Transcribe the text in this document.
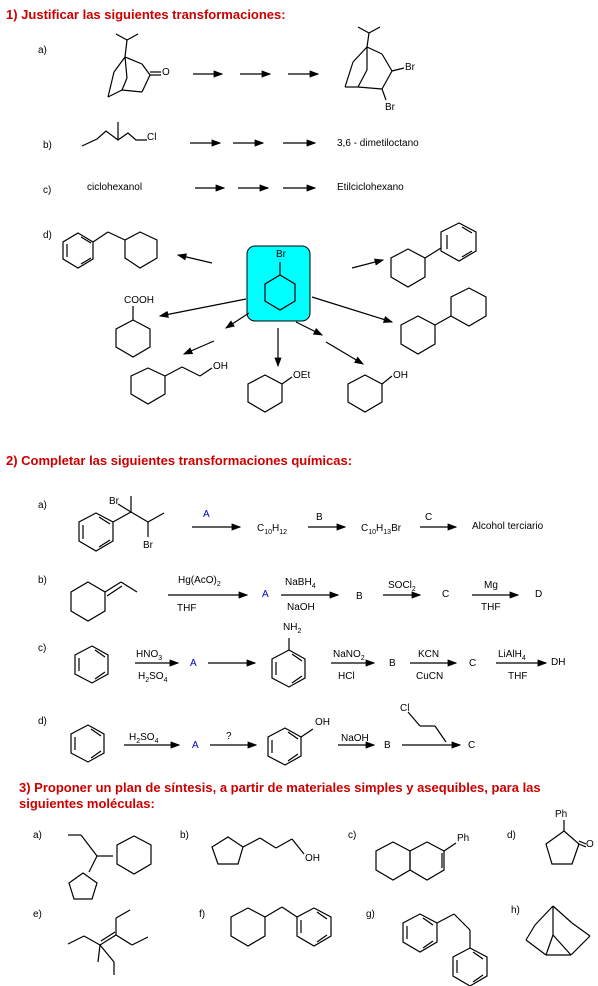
1) Justificar las siguientes transformaciones:
a)
O	Br
Br
b)
Cl
3,6 - dimetiloctano
c)	ciclohexanol	Etilciclohexano
d)
Br
COOH
OH
OEt	OH
2) Completar las siguientes transformaciones químicas:
a)	Br
Br
A
$C_{10}H_{12}$
B
$C_{10}H_{13}Br$
C
Alcohol terciario
b)	$Hg(AcO)_2$
THF
A
NaBH$_4$
NaOH
B
SOCl$_2$	C
Mg
THF
D
c)
$HNO_3$
$H_2SO_4$
A
$NH_2$
NaNO$_2$
HCl
B
KCN
CuCN
C
LiAlH$_4$
THF
DH
d)
$H_2SO_4$	A
?
OH
NaOH
B
Cl
C
3) Proponer un plan de síntesis, a partir de materiales simples y asequibles, para las
siguientes moléculas:
a)	b)	c)	d)
e)	f)	g)	h)
OH
Ph
Ph
O
